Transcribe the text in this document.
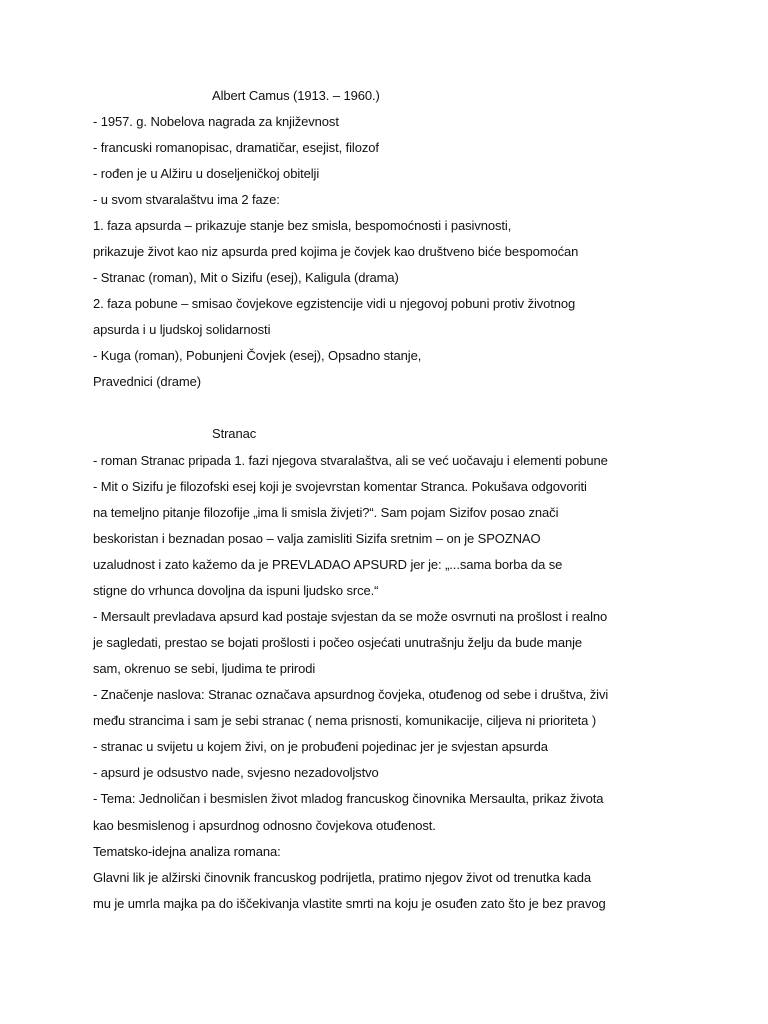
Albert Camus (1913. – 1960.)
- 1957. g. Nobelova nagrada za književnost
- francuski romanopisac, dramatičar, esejist, filozof
- rođen je u Alžiru u doseljeničkoj obitelji
- u svom stvaralaštvu ima 2 faze:
1. faza apsurda – prikazuje stanje bez smisla, bespomoćnosti i pasivnosti,
prikazuje život kao niz apsurda pred kojima je čovjek kao društveno biće bespomoćan
- Stranac (roman), Mit o Sizifu (esej), Kaligula (drama)
2. faza pobune – smisao čovjekove egzistencije vidi u njegovoj pobuni protiv životnog
apsurda i u ljudskoj solidarnosti
- Kuga (roman), Pobunjeni Čovjek (esej), Opsadno stanje,
Pravednici (drame)
Stranac
- roman Stranac pripada 1. fazi njegova stvaralaštva, ali se već uočavaju i elementi pobune
- Mit o Sizifu je filozofski esej koji je svojevrstan komentar Stranca. Pokušava odgovoriti
na temeljno pitanje filozofije „ima li smisla živjeti?“. Sam pojam Sizifov posao znači
beskoristan i beznadan posao – valja zamisliti Sizifa sretnim – on je SPOZNAO
uzaludnost i zato kažemo da je PREVLADAO APSURD jer je: „...sama borba da se
stigne do vrhunca dovoljna da ispuni ljudsko srce.“
- Mersault prevladava apsurd kad postaje svjestan da se može osvrnuti na prošlost i realno
je sagledati, prestao se bojati prošlosti i počeo osjećati unutrašnju želju da bude manje
sam, okrenuo se sebi, ljudima te prirodi
- Značenje naslova: Stranac označava apsurdnog čovjeka, otuđenog od sebe i društva, živi
među strancima i sam je sebi stranac ( nema prisnosti, komunikacije, ciljeva ni prioriteta )
- stranac u svijetu u kojem živi, on je probuđeni pojedinac jer je svjestan apsurda
- apsurd je odsustvo nade, svjesno nezadovoljstvo
- Tema: Jednoličan i besmislen život mladog francuskog činovnika Mersaulta, prikaz života
kao besmislenog i apsurdnog odnosno čovjekova otuđenost.
Tematsko-idejna analiza romana:
Glavni lik je alžirski činovnik francuskog podrijetla, pratimo njegov život od trenutka kada
mu je umrla majka pa do iščekivanja vlastite smrti na koju je osuđen zato što je bez pravog
